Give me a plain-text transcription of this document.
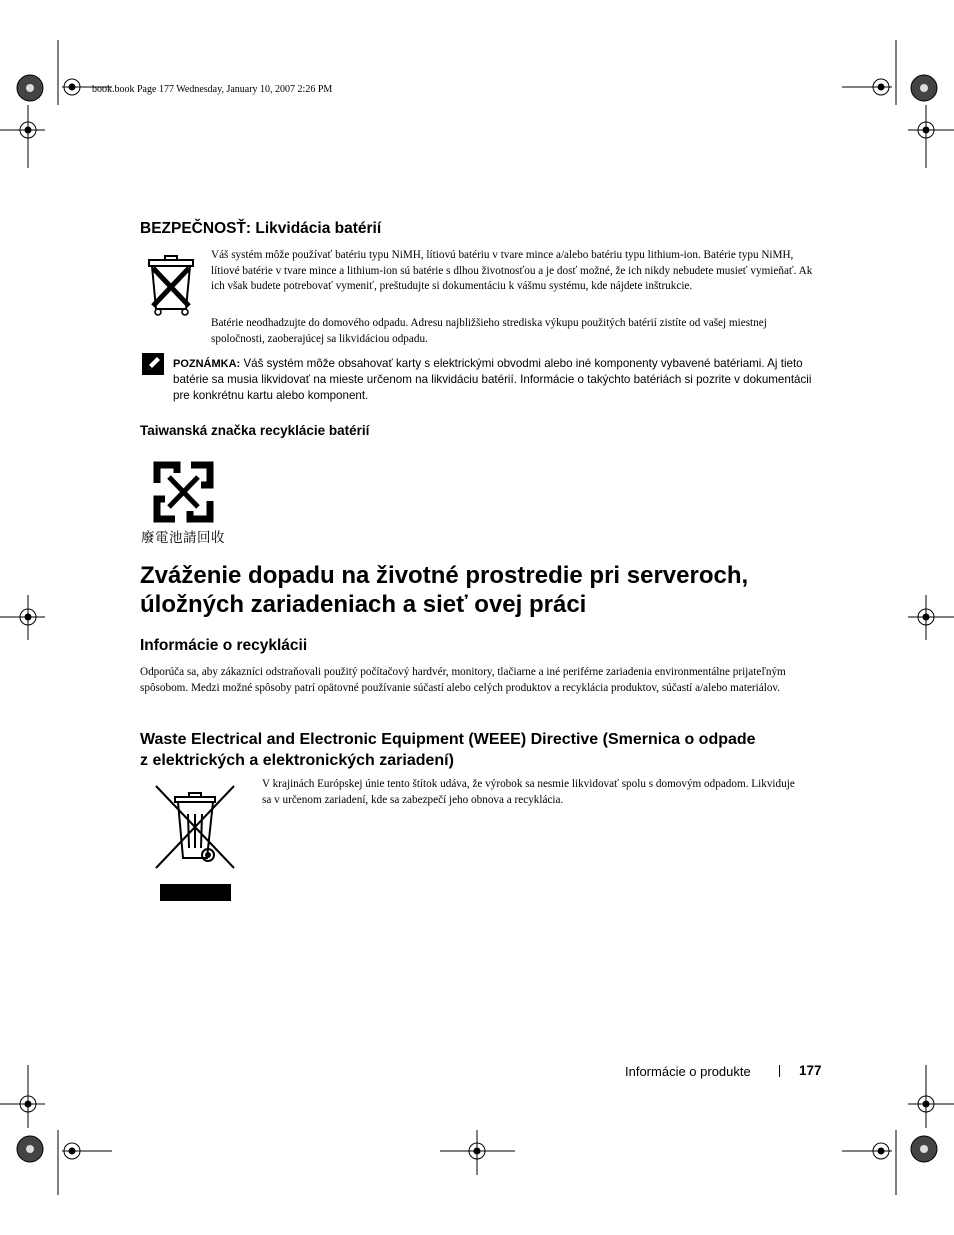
book.book Page 177 Wednesday, January 10, 2007 2:26 PM
BEZPEČNOSŤ: Likvidácia batérií
Váš systém môže používať batériu typu NiMH, lítiovú batériu v tvare mince a/alebo batériu typu lithium-ion. Batérie typu NiMH, lítiové batérie v tvare mince a lithium-ion sú batérie s dlhou životnosťou a je dosť možné, že ich nikdy nebudete musieť vymieňať. Ak ich však budete potrebovať vymeniť, preštudujte si dokumentáciu k vášmu systému, kde nájdete inštrukcie.
Batérie neodhadzujte do domového odpadu. Adresu najbližšieho strediska výkupu použitých batérií zistíte od vašej miestnej spoločnosti, zaoberajúcej sa likvidáciou odpadu.
POZNÁMKA: Váš systém môže obsahovať karty s elektrickými obvodmi alebo iné komponenty vybavené batériami. Aj tieto batérie sa musia likvidovať na mieste určenom na likvidáciu batérií. Informácie o takýchto batériách si pozrite v dokumentácii pre konkrétnu kartu alebo komponent.
Taiwanská značka recyklácie batérií
廢電池請回收
Zváženie dopadu na životné prostredie pri serveroch,
úložných zariadeniach a sieť ovej práci
Informácie o recyklácii
Odporúča sa, aby zákazníci odstraňovali použitý počítačový hardvér, monitory, tlačiarne a iné periférne zariadenia environmentálne prijateľným spôsobom. Medzi možné spôsoby patrí opätovné používanie súčastí alebo celých produktov a recyklácia produktov, súčastí a/alebo materiálov.
Waste Electrical and Electronic Equipment (WEEE) Directive (Smernica o odpade
z elektrických a elektronických zariadení)
V krajinách Európskej únie tento štítok udáva, že výrobok sa nesmie likvidovať spolu s domovým odpadom. Likviduje sa v určenom zariadení, kde sa zabezpečí jeho obnova a recyklácia.
Informácie o produkte	177
